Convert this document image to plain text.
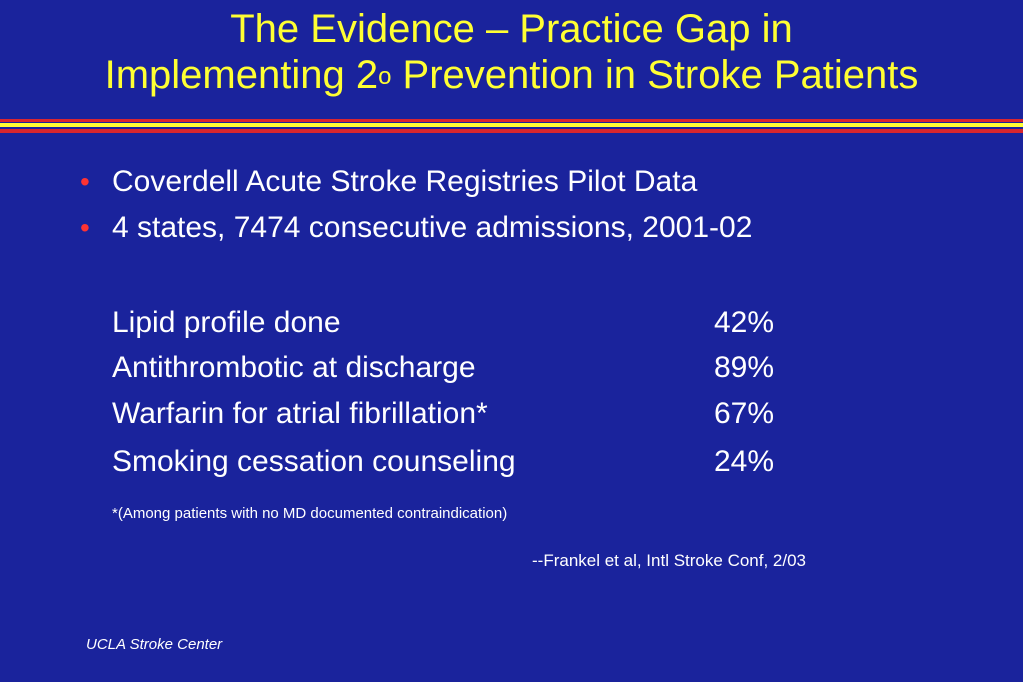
The Evidence – Practice Gap in
Implementing 2$^o$ Prevention in Stroke Patients
• Coverdell Acute Stroke Registries Pilot Data
• 4 states, 7474 consecutive admissions, 2001-02
Lipid profile done	42%
Antithrombotic at discharge	89%
Warfarin for atrial fibrillation*	67%
Smoking cessation counseling	24%
*(Among patients with no MD documented contraindication)
--Frankel et al, Intl Stroke Conf, 2/03
UCLA Stroke Center
